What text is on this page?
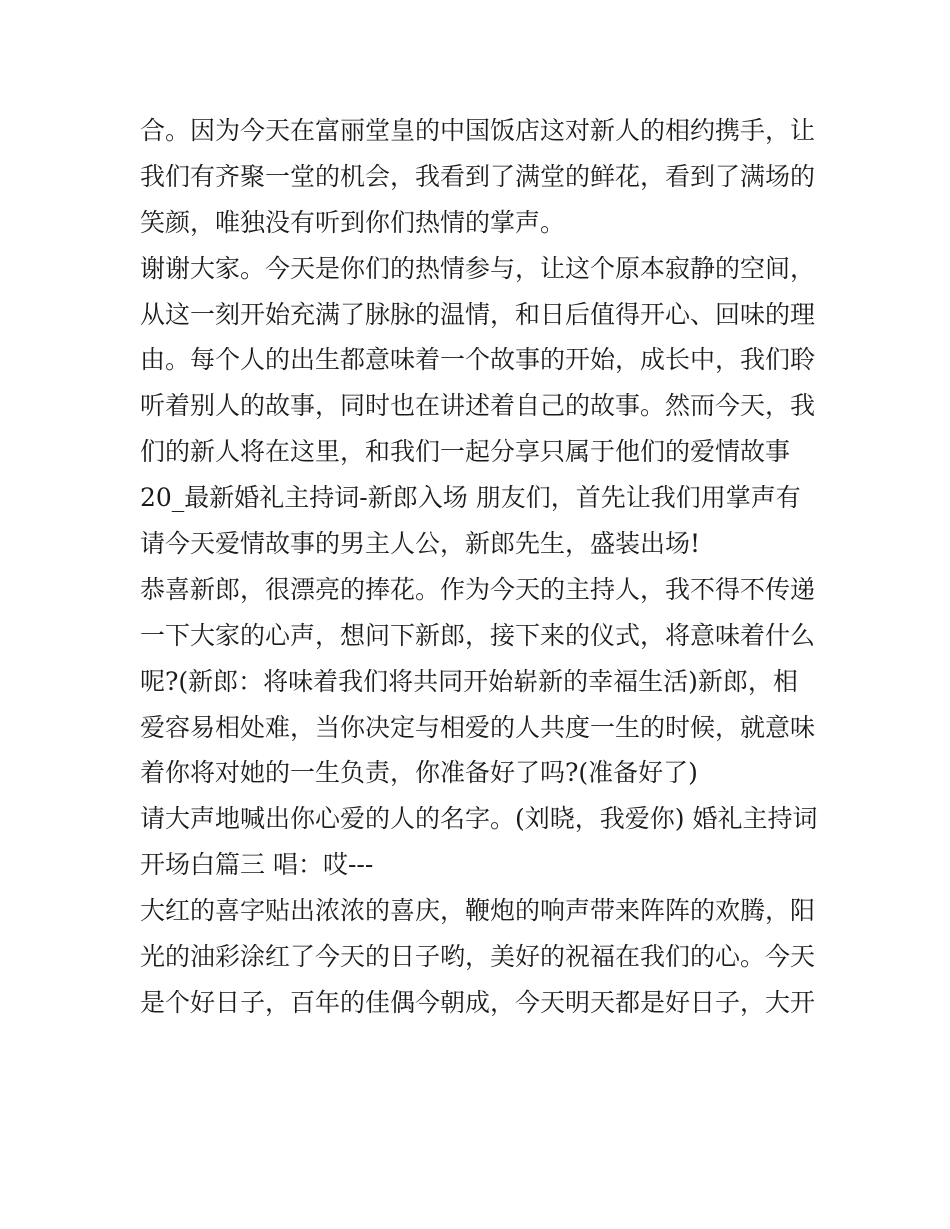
合。因为今天在富丽堂皇的中国饭店这对新人的相约携手，让
我们有齐聚一堂的机会，我看到了满堂的鲜花，看到了满场的
笑颜，唯独没有听到你们热情的掌声。
谢谢大家。今天是你们的热情参与，让这个原本寂静的空间，
从这一刻开始充满了脉脉的温情，和日后值得开心、回味的理
由。每个人的出生都意味着一个故事的开始，成长中，我们聆
听着别人的故事，同时也在讲述着自己的故事。然而今天，我
们的新人将在这里，和我们一起分享只属于他们的爱情故事
20_最新婚礼主持词-新郎入场 朋友们，首先让我们用掌声有
请今天爱情故事的男主人公，新郎先生，盛装出场!
恭喜新郎，很漂亮的捧花。作为今天的主持人，我不得不传递
一下大家的心声，想问下新郎，接下来的仪式，将意味着什么
呢?(新郎：将味着我们将共同开始崭新的幸福生活)新郎，相
爱容易相处难，当你决定与相爱的人共度一生的时候，就意味
着你将对她的一生负责，你准备好了吗?(准备好了)
请大声地喊出你心爱的人的名字。(刘晓，我爱你) 婚礼主持词
开场白篇三 唱：哎---
大红的喜字贴出浓浓的喜庆，鞭炮的响声带来阵阵的欢腾，阳
光的油彩涂红了今天的日子哟，美好的祝福在我们的心。今天
是个好日子，百年的佳偶今朝成，今天明天都是好日子，大开
